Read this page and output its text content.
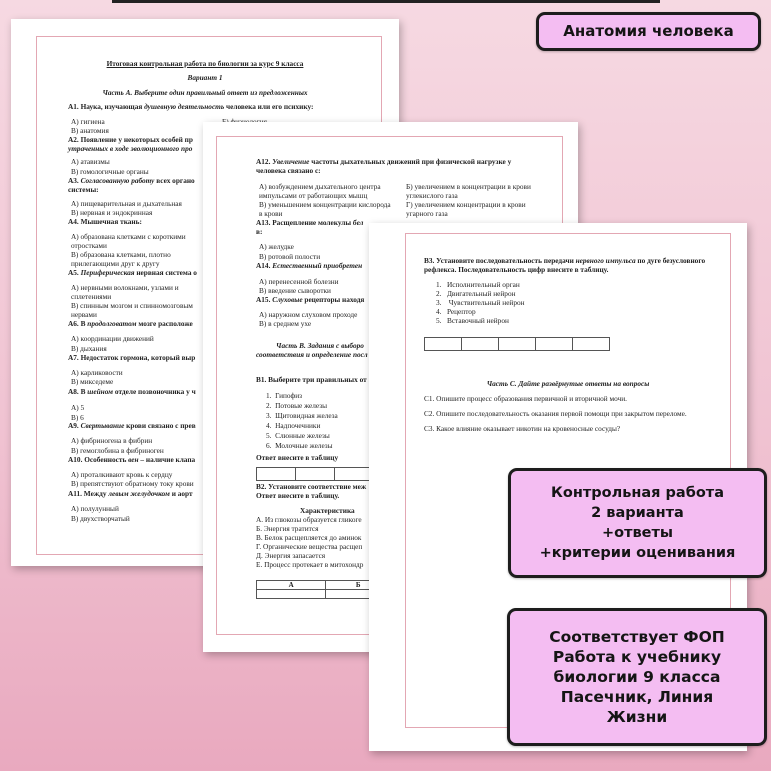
Итоговая контрольная работа по биологии за курс 9 класса
Вариант 1
Часть А. Выберите один правильный ответ из предложенных
А1. Наука, изучающая душевную деятельность человека или его психику:
А) гигиена
В) анатомия
А2. Появление у некоторых особей пр
утраченных в ходе эволюционного про
А) атавизмы
В) гомологичные органы
А3. Согласованную работу всех органо
системы:
А) пищеварительная и дыхательная
В) нервная и эндокринная
А4. Мышечная ткань:
А) образована клетками с короткими
отростками
В) образована клетками, плотно
прилегающими друг к другу
А5. Периферическая нервная система о
А) нервными волокнами, узлами и
сплетениями
В) спинным мозгом и спинномозговым
нервами
А6. В продолговатом мозге расположе
А) координации движений
В) дыхания
А7. Недостаток гормона, который выр
А) карликовости
В) микседеме
А8. В шейном отделе позвоночника у ч
А) 5
В) 6
А9. Свертывание крови связано с прев
А) фибриногена в фибрин
В) гемоглобина в фибриноген
А10. Особенность вен – наличие клапа
А) проталкивают кровь к сердцу
В) препятствуют обратному току крови
А11. Между левым желудочком и аорт
А) полулунный
В) двухстворчатый
А12. Увеличение частоты дыхательных движений при физической нагрузке у
человека связано с:
А) возбуждением дыхательного центра	Б) увеличением в концентрации в крови
импульсами от работающих мышц	углекислого газа
В) уменьшением концентрации кислорода Г) увеличением концентрации в крови
в крови	угарного газа
А13. Расщепление молекулы бел
в:
А) желудке
В) ротовой полости
А14. Естественный приобретен
А) перенесенной болезни
В) введение сыворотки
А15. Слуховые рецепторы находя
А) наружном слуховом проходе
В) в среднем ухе
Часть В. Задания с выборо
соответствия и определение посл
В1. Выберите три правильных от
1.  Гипофиз
2.  Потовые железы
3.  Щитовидная железа
4.  Надпочечники
5.  Слюнные железы
6.  Молочные железы
Ответ внесите в таблицу
В2. Установите соответствие меж
Ответ внесите в таблицу.
Характеристика
А. Из глюкозы образуется гликоге
Б. Энергия тратится
В. Белок расщепляется до аминок
Г. Органические вещества расщеп
Д. Энергия запасается
Е. Процесс протекает в митохондр
А	Б	

В3. Установите последовательность передачи нервного импульса по дуге безусловного
рефлекса. Последовательность цифр внесите в таблицу.
1.   Исполнительный орган
2.   Двигательный нейрон
3.    Чувствительный нейрон
4.   Рецептор
5.   Вставочный нейрон
Часть С. Дайте развёрнутые ответы на вопросы
С1. Опишите процесс образования первичной и вторичной мочи.
С2. Опишите последовательность оказания первой помощи при закрытом переломе.
С3. Какое влияние оказывает никотин на кровеносные сосуды?
Анатомия человека
Контрольная работа
2 варианта
+ответы
+критерии оценивания
Соответствует ФОП
Работа к учебнику
биологии 9 класса
Пасечник, Линия
Жизни
